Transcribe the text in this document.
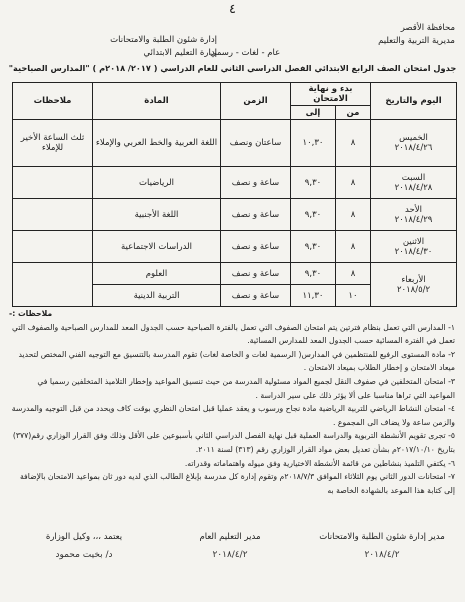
٤
محافظة الأقصر
مديرية التربية والتعليم
إدارة شئون الطلبة والامتحانات
إدارة التعليم الابتدائي
عام - لغات - رسمي
جدول امتحان الصف الرابع الابتدائي الفصل الدراسي الثاني للعام الدراسي ( ٢٠١٧/ ٢٠١٨م ) "المدارس الصباحية"
اليوم والتاريخ	بدء و نهاية الامتحان		الزمن	المادة	ملاحظات
	من	إلى			

الخميس
٢٠١٨/٤/٢٦	٨	١٠,٣٠	ساعتان ونصف	اللغة العربية والخط العربي والإملاء	ثلث الساعة الأخير للإملاء

السبت
٢٠١٨/٤/٢٨	٨	٩,٣٠	ساعة و نصف	الرياضيات	

الأحد
٢٠١٨/٤/٢٩	٨	٩,٣٠	ساعة و نصف	اللغة الأجنبية	

الاثنين
٢٠١٨/٤/٣٠	٨	٩,٣٠	ساعة و نصف	الدراسات الاجتماعية	

الأربعاء
٢٠١٨/٥/٢	٨	٩,٣٠	ساعة و نصف	العلوم	
	١٠	١١,٣٠	ساعة و نصف	التربية الدينية	
ملاحظات :-

١- المدارس التي تعمل بنظام فترتين يتم امتحان الصفوف التي تعمل بالفترة الصباحية حسب الجدول المعد للمدارس الصباحية والصفوف التي تعمل في الفترة المسائية حسب الجدول المعد للمدارس المسائية.

٢- مادة المستوى الرفيع للمنتظمين في المدارس( الرسمية لغات و الخاصة لغات) تقوم المدرسة بالتنسيق مع التوجيه الفني المختص لتحديد ميعاد الامتحان و إخطار الطلاب بميعاد الامتحان .

٣- امتحان المتخلفين في صفوف النقل لجميع المواد مسئولية المدرسة من حيث تنسيق المواعيد وإخطار التلاميذ المتخلفين رسميا في المواعيد التي تراها مناسبا على ألا يؤثر ذلك على سير الدراسة .

٤- امتحان النشاط الرياضي للتربية الرياضية مادة نجاح ورسوب و يعقد عمليا قبل امتحان النظري بوقت كاف ويحدد من قبل التوجيه والمدرسة والزمن ساعة ولا يضاف الى المجموع .

٥- تجرى تقويم الأنشطة التربوية والدراسة العملية قبل نهاية الفصل الدراسي الثاني بأسبوعين على الأقل وذلك وفق القرار الوزاري رقم(٣٧٧) بتاريخ ٢٠١٧/١٠/١٠م بشأن تعديل بعض مواد القرار الوزاري رقم (٣١٣) لسنة ٢٠١١.

٦- يكتفي التلميذ بنشاطين من قائمة الأنشطة الاختيارية وفق ميوله واهتماماته وقدراته.

٧- امتحانات الدور الثاني يوم الثلاثاء الموافق ٢٠١٨/٧/٣م وتقوم إدارة كل مدرسة بإبلاغ الطالب الذي لديه دور ثان بمواعيد الامتحان بالإضافة إلى كتابة هذا الموعد بالشهادة الخاصة به

مدير إدارة شئون الطلبة والامتحانات
٢٠١٨/٤/٢
مدير التعليم العام
٢٠١٨/٤/٢
يعتمد ،،، وكيل الوزارة
د/ بخيت محمود
